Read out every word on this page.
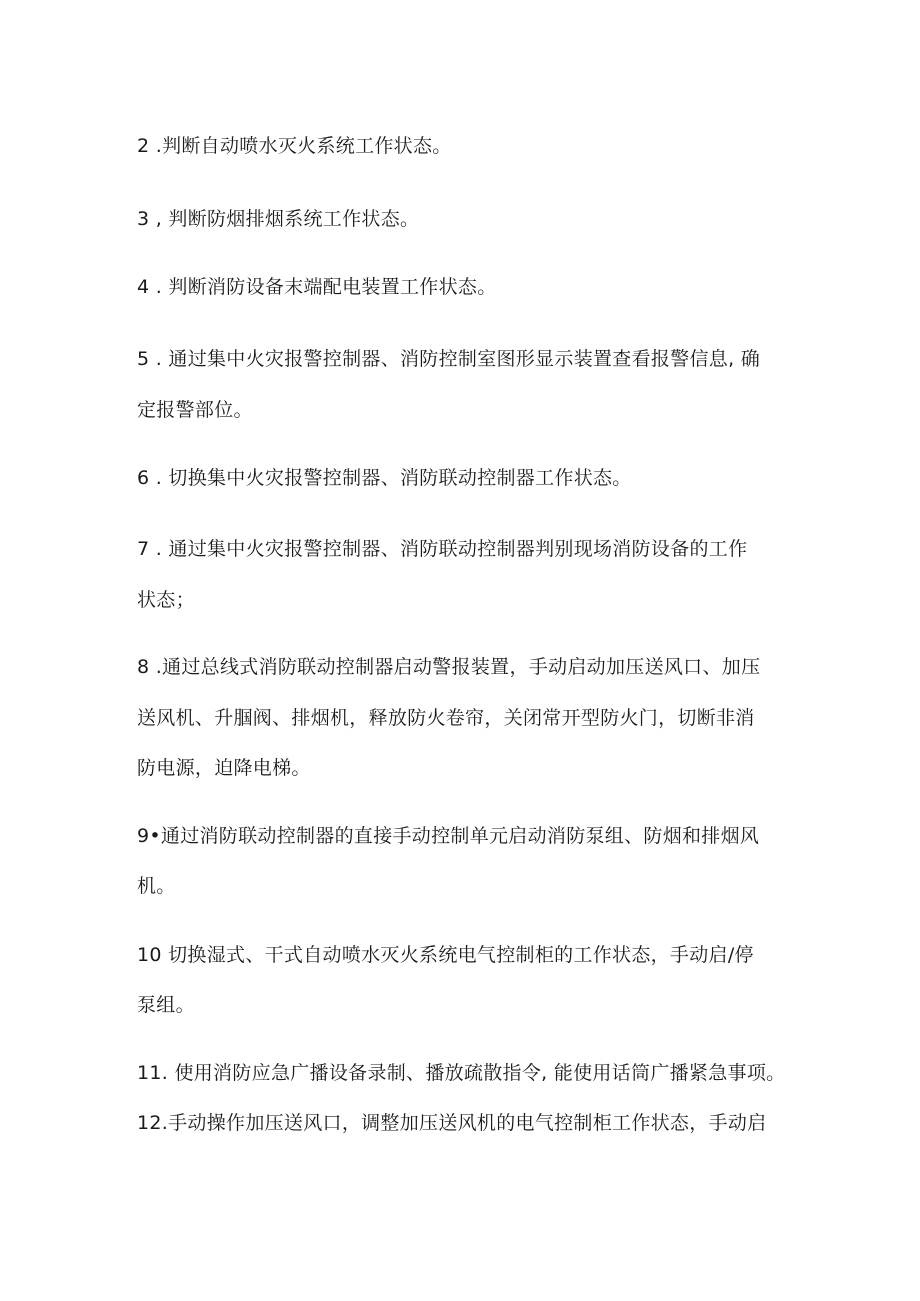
2 .判断自动喷水灭火系统工作状态。
3 , 判断防烟排烟系统工作状态。
4 . 判断消防设备末端配电装置工作状态。
5 . 通过集中火灾报警控制器、消防控制室图形显示装置查看报警信息, 确
定报警部位。
6 . 切换集中火灾报警控制器、消防联动控制器工作状态。
7 . 通过集中火灾报警控制器、消防联动控制器判别现场消防设备的工作
状态；
8 .通过总线式消防联动控制器启动警报装置，手动启动加压送风口、加压
送风机、升腘阀、排烟机，释放防火卷帘，关闭常开型防火门，切断非消
防电源，迫降电梯。
9•通过消防联动控制器的直接手动控制单元启动消防泵组、防烟和排烟风
机。
10 切换湿式、干式自动喷水灭火系统电气控制柜的工作状态，手动启/停
泵组。
11. 使用消防应急广播设备录制、播放疏散指令, 能使用话筒广播紧急事项。
12.手动操作加压送风口，调整加压送风机的电气控制柜工作状态，手动启
